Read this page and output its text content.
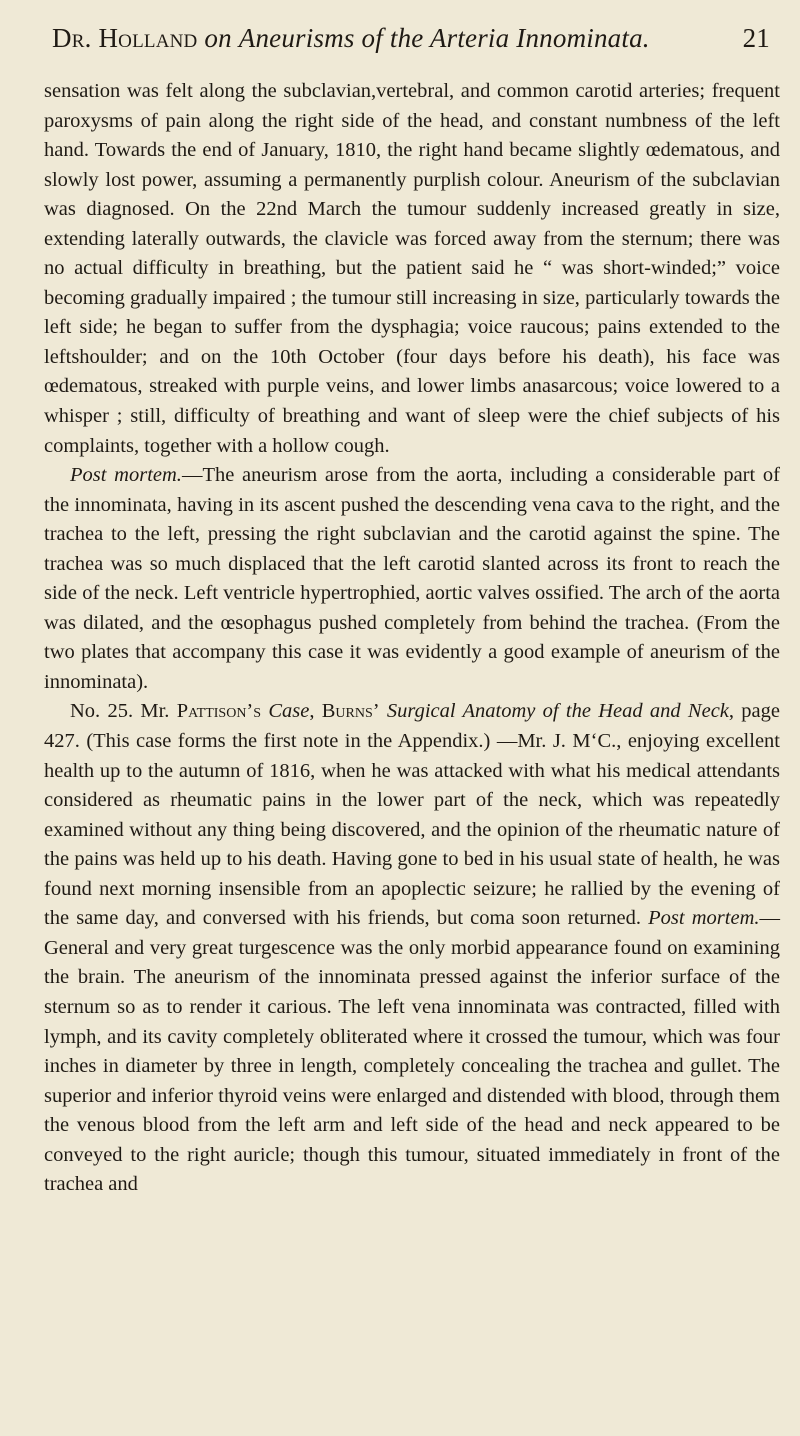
Dr. Holland on Aneurisms of the Arteria Innominata.	21

sensation was felt along the subclavian,vertebral, and common carotid arteries; frequent paroxysms of pain along the right side of the head, and constant numbness of the left hand. Towards the end of January, 1810, the right hand became slightly œdematous, and slowly lost power, assuming a permanently purplish colour. Aneurism of the subclavian was diagnosed. On the 22nd March the tumour suddenly increased greatly in size, extending laterally outwards, the clavicle was forced away from the sternum; there was no actual difficulty in breathing, but the patient said he “ was short-winded;” voice becoming gradually impaired ; the tumour still increasing in size, particularly towards the left side; he began to suffer from the dysphagia; voice raucous; pains extended to the leftshoulder; and on the 10th October (four days before his death), his face was œdematous, streaked with purple veins, and lower limbs anasarcous; voice lowered to a whisper ; still, difficulty of breathing and want of sleep were the chief subjects of his complaints, together with a hollow cough.

Post mortem.—The aneurism arose from the aorta, including a considerable part of the innominata, having in its ascent pushed the descending vena cava to the right, and the trachea to the left, pressing the right subclavian and the carotid against the spine. The trachea was so much displaced that the left carotid slanted across its front to reach the side of the neck. Left ventricle hypertrophied, aortic valves ossified. The arch of the aorta was dilated, and the œsophagus pushed completely from behind the trachea. (From the two plates that accompany this case it was evidently a good example of aneurism of the innominata).

No. 25. Mr. Pattison’s Case, Burns’ Surgical Anatomy of the Head and Neck, page 427. (This case forms the first note in the Appendix.) —Mr. J. M‘C., enjoying excellent health up to the autumn of 1816, when he was attacked with what his medical attendants considered as rheumatic pains in the lower part of the neck, which was repeatedly examined without any thing being discovered, and the opinion of the rheumatic nature of the pains was held up to his death. Having gone to bed in his usual state of health, he was found next morning insensible from an apoplectic seizure; he rallied by the evening of the same day, and conversed with his friends, but coma soon returned. Post mortem.—General and very great turgescence was the only morbid appearance found on examining the brain. The aneurism of the innominata pressed against the inferior surface of the sternum so as to render it carious. The left vena innominata was contracted, filled with lymph, and its cavity completely obliterated where it crossed the tumour, which was four inches in diameter by three in length, completely concealing the trachea and gullet. The superior and inferior thyroid veins were enlarged and distended with blood, through them the venous blood from the left arm and left side of the head and neck appeared to be conveyed to the right auricle; though this tumour, situated immediately in front of the trachea and
